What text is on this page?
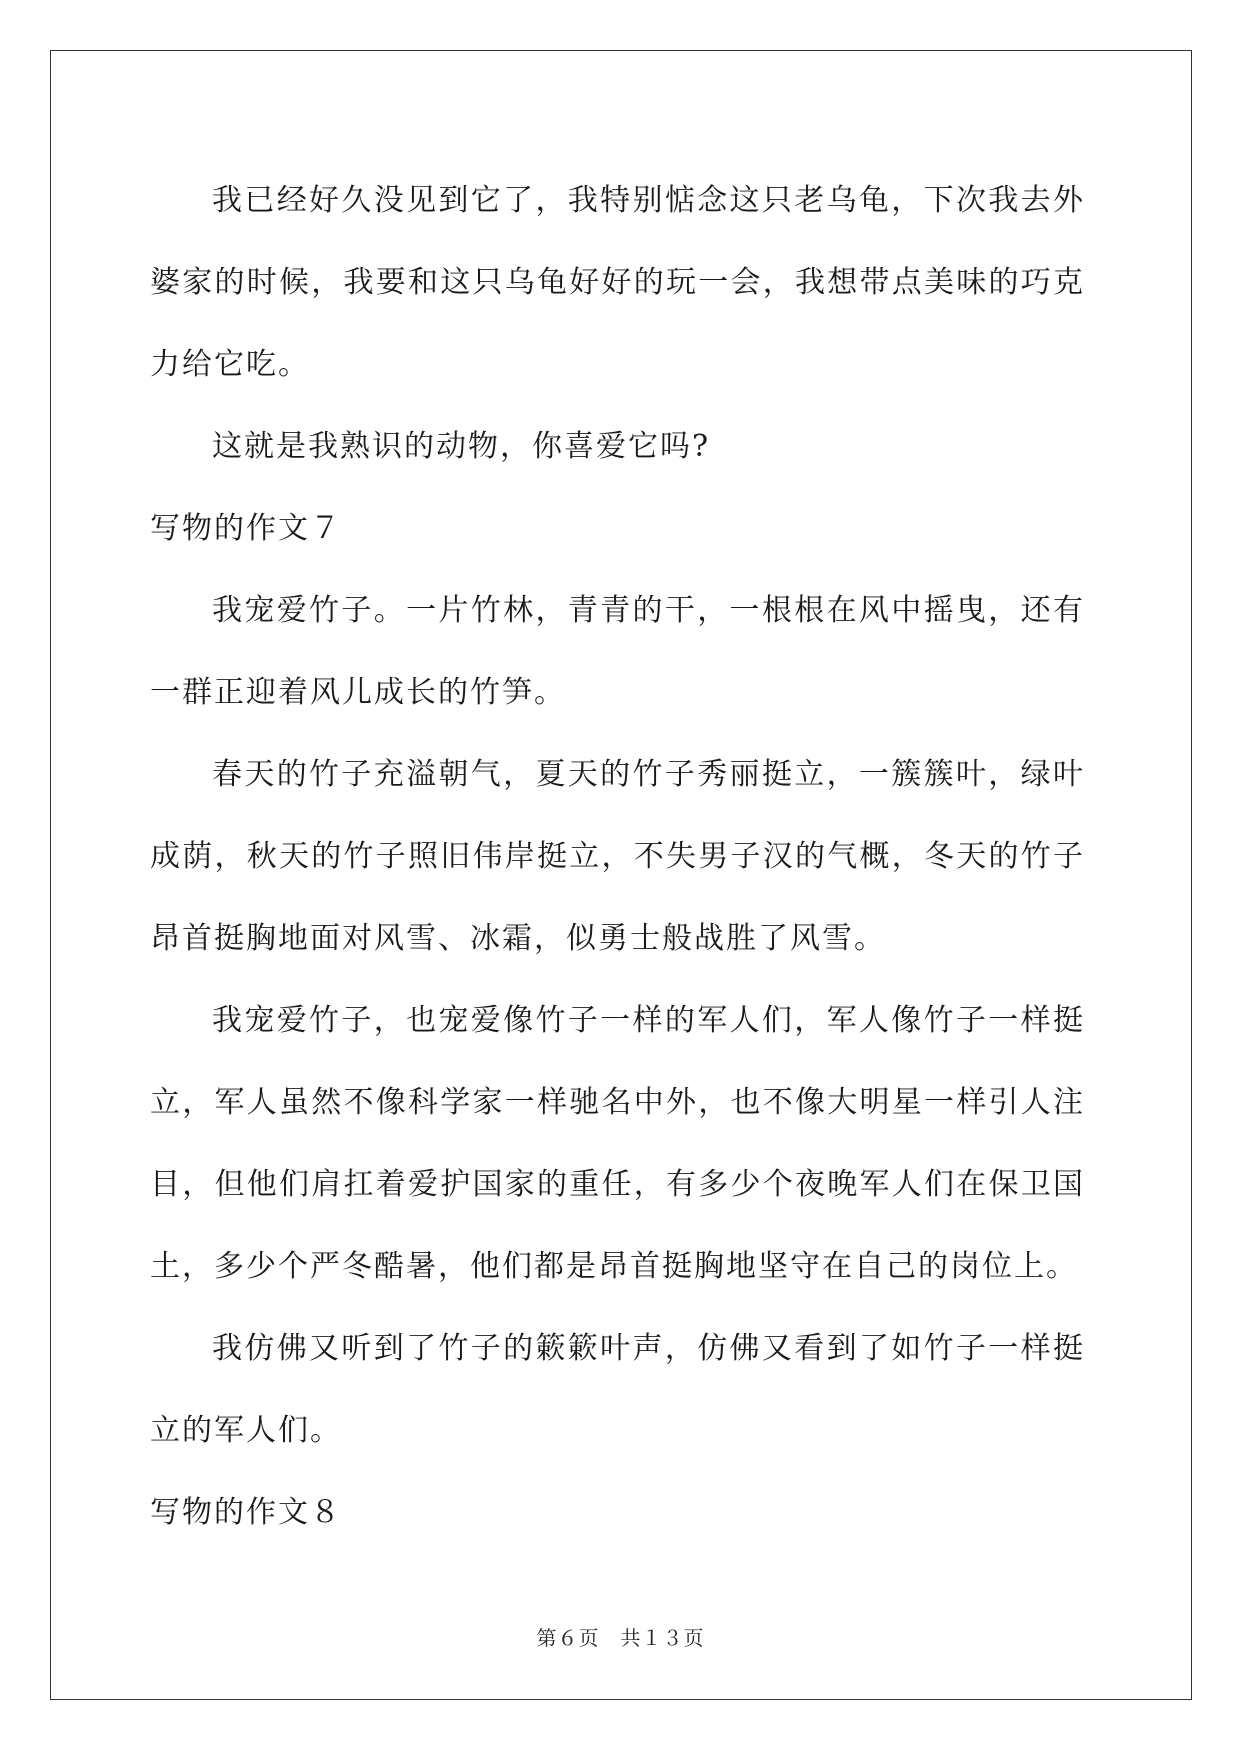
我已经好久没见到它了，我特别惦念这只老乌龟，下次我去外婆家的时候，我要和这只乌龟好好的玩一会，我想带点美味的巧克力给它吃。

这就是我熟识的动物，你喜爱它吗?

写物的作文７

我宠爱竹子。一片竹林，青青的干，一根根在风中摇曳，还有一群正迎着风儿成长的竹笋。

春天的竹子充溢朝气，夏天的竹子秀丽挺立，一簇簇叶，绿叶成荫，秋天的竹子照旧伟岸挺立，不失男子汉的气概，冬天的竹子昂首挺胸地面对风雪、冰霜，似勇士般战胜了风雪。

我宠爱竹子，也宠爱像竹子一样的军人们，军人像竹子一样挺立，军人虽然不像科学家一样驰名中外，也不像大明星一样引人注目，但他们肩扛着爱护国家的重任，有多少个夜晚军人们在保卫国土，多少个严冬酷暑，他们都是昂首挺胸地坚守在自己的岗位上。

我仿佛又听到了竹子的簌簌叶声，仿佛又看到了如竹子一样挺立的军人们。

写物的作文８

第６页　共１３页
